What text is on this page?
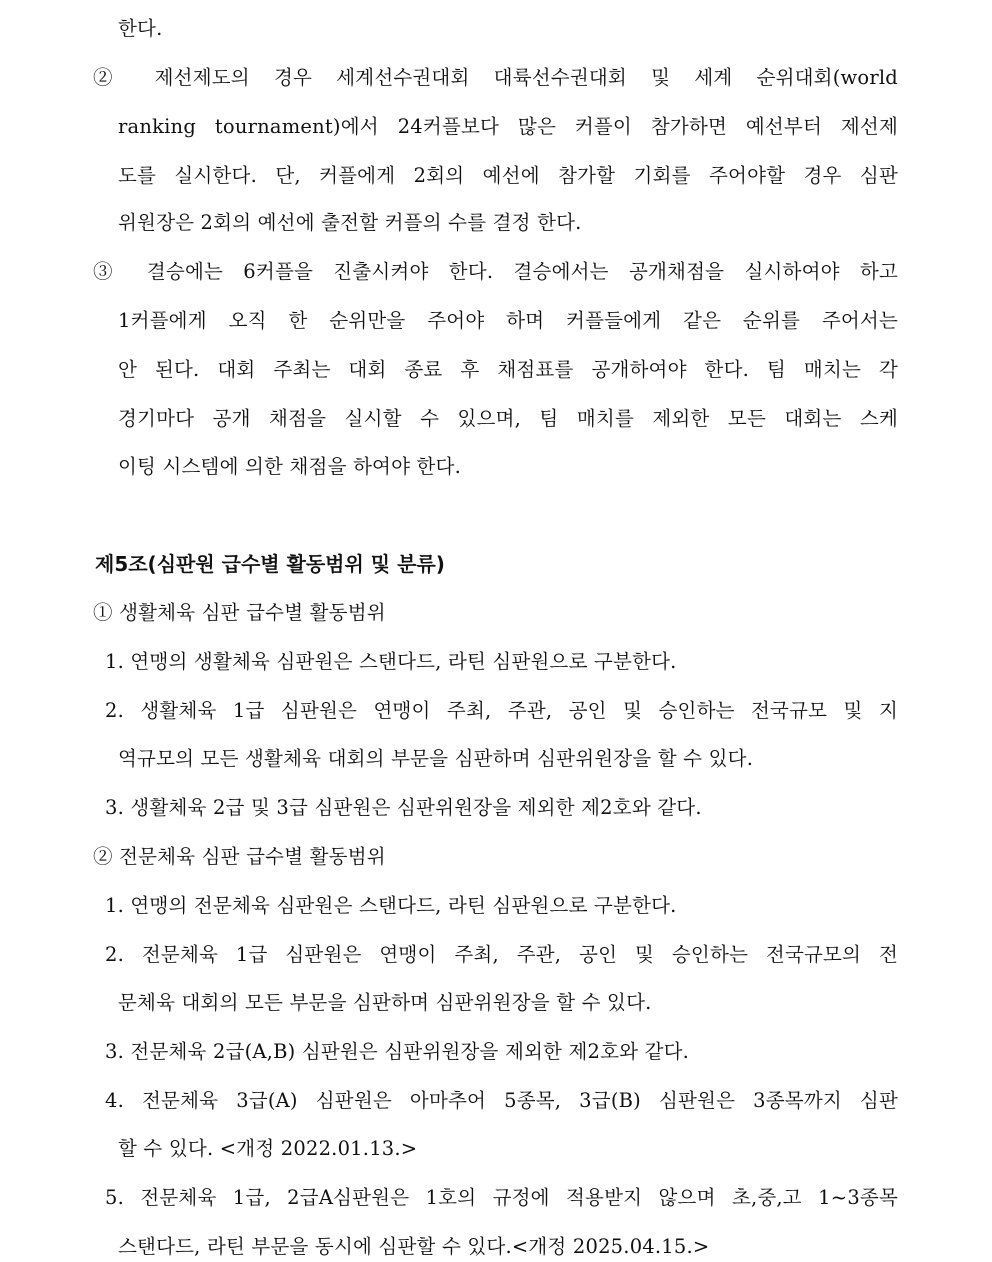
한다.
② 제선제도의 경우 세계선수권대회 대륙선수권대회 및 세계 순위대회(world
ranking tournament)에서 24커플보다 많은 커플이 참가하면 예선부터 제선제
도를 실시한다. 단, 커플에게 2회의 예선에 참가할 기회를 주어야할 경우 심판
위원장은 2회의 예선에 출전할 커플의 수를 결정 한다.
③ 결승에는 6커플을 진출시켜야 한다. 결승에서는 공개채점을 실시하여야 하고
1커플에게 오직 한 순위만을 주어야 하며 커플들에게 같은 순위를 주어서는
안 된다. 대회 주최는 대회 종료 후 채점표를 공개하여야 한다. 팀 매치는 각
경기마다 공개 채점을 실시할 수 있으며, 팀 매치를 제외한 모든 대회는 스케
이팅 시스템에 의한 채점을 하여야 한다.
제5조(심판원 급수별 활동범위 및 분류)
① 생활체육 심판 급수별 활동범위
1. 연맹의 생활체육 심판원은 스탠다드, 라틴 심판원으로 구분한다.
2. 생활체육 1급 심판원은 연맹이 주최, 주관, 공인 및 승인하는 전국규모 및 지
역규모의 모든 생활체육 대회의 부문을 심판하며 심판위원장을 할 수 있다.
3. 생활체육 2급 및 3급 심판원은 심판위원장을 제외한 제2호와 같다.
② 전문체육 심판 급수별 활동범위
1. 연맹의 전문체육 심판원은 스탠다드, 라틴 심판원으로 구분한다.
2. 전문체육 1급 심판원은 연맹이 주최, 주관, 공인 및 승인하는 전국규모의 전
문체육 대회의 모든 부문을 심판하며 심판위원장을 할 수 있다.
3. 전문체육 2급(A,B) 심판원은 심판위원장을 제외한 제2호와 같다.
4. 전문체육 3급(A) 심판원은 아마추어 5종목, 3급(B) 심판원은 3종목까지 심판
할 수 있다. <개정 2022.01.13.>
5. 전문체육 1급, 2급A심판원은 1호의 규정에 적용받지 않으며 초,중,고 1~3종목
스탠다드, 라틴 부문을 동시에 심판할 수 있다.<개정 2025.04.15.>
